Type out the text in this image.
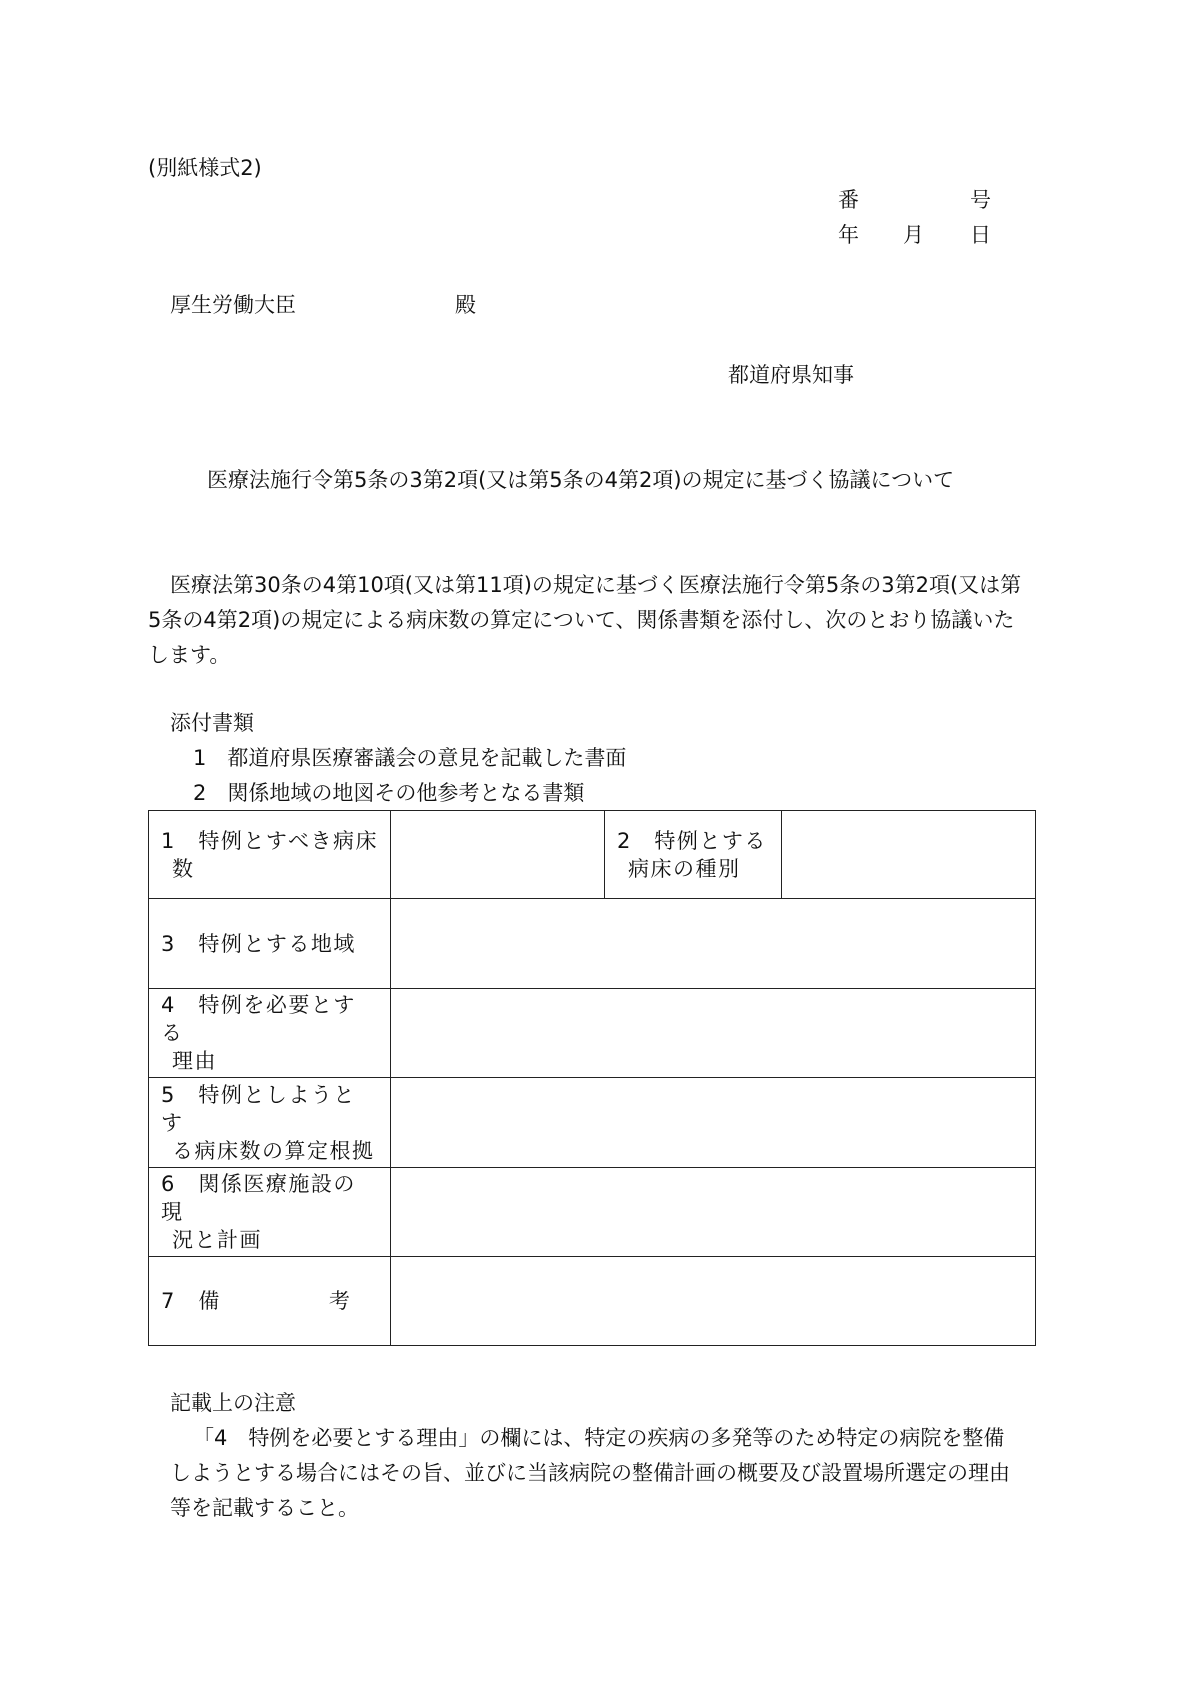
(別紙様式2)
番	号
年 月 日
厚生労働大臣	殿
都道府県知事
医療法施行令第5条の3第2項(又は第5条の4第2項)の規定に基づく協議について
医療法第30条の4第10項(又は第11項)の規定に基づく医療法施行令第5条の3第2項(又は第
5条の4第2項)の規定による病床数の算定について、関係書類を添付し、次のとおり協議いた
します。
添付書類
1　都道府県医療審議会の意見を記載した書面
2　関係地域の地図その他参考となる書類
1　特例とすべき病床
数		2　特例とする
病床の種別	

3　特例とする地域			
4　特例を必要とする
理由			

5　特例としようとす
る病床数の算定根拠			

6　関係医療施設の現
況と計画			

7　備 考			
記載上の注意
「4　特例を必要とする理由」の欄には、特定の疾病の多発等のため特定の病院を整備
しようとする場合にはその旨、並びに当該病院の整備計画の概要及び設置場所選定の理由
等を記載すること。
